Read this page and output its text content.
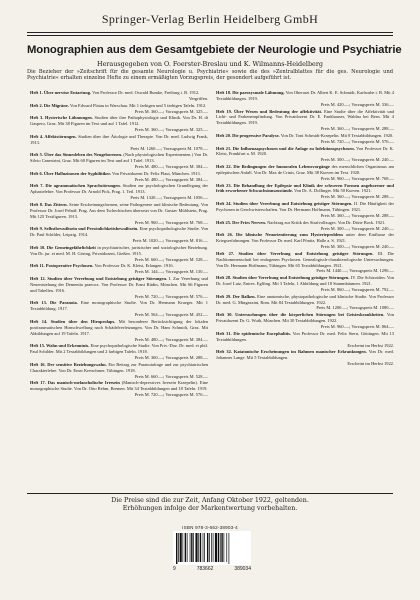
Springer-Verlag Berlin Heidelberg GmbH
Monographien aus dem Gesamtgebiete der Neurologie und Psychiatrie
Herausgegeben von O. Foerster-Breslau und K. Wilmanns-Heidelberg
Die Bezieher der »Zeitschrift für die gesamte Neurologie u. Psychiatrie« sowie die des »Zentralblattes für die ges. Neurologie und Psychiatrie« erhalten einzelne Hefte zu einem ermäßigten Vorzugspreis, der gesondert aufgeführt ist.
Heft 1. Über nervöse Entartung. Von Professor Dr. med. Oswald Bumke, Freiburg i. B. 1912.
Vergriffen.
Heft 2. Die Migräne. Von Edward Flatau in Warschau. Mit 1 farbigen und 5 farbigen Tafeln. 1912.
Preis M. 360.—; Vorzugspreis M. 325.—
Heft 3. Hysterische Lähmungen. Studien über ihre Pathophysiologie und Klinik. Von Dr. H. di Gaspero, Graz. Mit 38 Figuren im Text und auf 1 Tafel. 1912.
Preis M. 360.—; Vorzugspreis M. 325.—
Heft 4. Affektstörungen. Studien über ihre Ätiologie und Therapie. Von Dr. med. Ludwig Frank, 1913.
Preis M. 1260.—; Vorzugspreis M. 1078.—
Heft 5. Über das Sinnesleben des Neugeborenen. (Nach physiologischen Experimenten.) Von Dr. Silvio Canestrini, Graz. Mit 60 Figuren im Text und auf 1 Tafel. 1913.
Preis M. 480.—; Vorzugspreis M. 384.—
Heft 6. Über Halluzinosen der Syphilitiker. Von Privatdozent Dr. Felix Plaut, München. 1913.
Preis M. 480.—; Vorzugspreis M. 384.—
Heft 7. Die agrammatischen Sprachstörungen. Studien zur psychologischen Grundlegung der Aphasielehre. Von Professor Dr. Arnold Pick, Prag. 1. Teil. 1913.
Preis M. 1320.—; Vorzugspreis M. 1056.—
Heft 8. Das Zittern. Seine Erscheinungsformen, seine Pathogenese und klinische Bedeutung. Von Professor Dr. Josef Pelnář, Prag. Aus dem Tschechischen übersetzt von Dr. Gustav Mühlstein, Prag. Mit 125 Textfiguren. 1913.
Preis M. 960.—; Vorzugspreis M. 768.—
Heft 9. Selbstbewußtsein und Persönlichkeitsbewußtsein. Eine psychopathologische Studie. Von Dr. Paul Schilder, Leipzig. 1914.
Preis M. 1020.—; Vorzugspreis M. 816.—
Heft 10. Die Gemeingefährlichkeit in psychiatrischer, juristischer und soziologischer Beziehung. Von Dr. jur. et med. M. H. Göring, Privatdozent, Gießen. 1915.
Preis M. 660.—; Vorzugspreis M. 528.—
Heft 11. Postoperative Psychosen. Von Professor Dr. K. Kleist, Erlangen. 1916.
Preis M. 144.—; Vorzugspreis M. 130.—
Heft 12. Studien über Vererbung und Entstehung geistiger Störungen. I. Zur Vererbung und Neuentstehung der Dementia praecox. Von Professor Dr. Ernst Rüdin, München. Mit 66 Figuren und Tabellen. 1916.
Preis M. 720.—; Vorzugspreis M. 576.—
Heft 13. Die Paranoia. Eine monographische Studie. Von Dr. Hermann Krueger. Mit 1 Textabbildung. 1917.
Preis M. 564.—; Vorzugspreis M. 452.—
Heft 14. Studien über den Hirnprolaps. Mit besonderer Berücksichtigung der lokalen posttraumatischen Hirnschwellung nach Schädelverletzungen. Von Dr. Hans Schmidt, Graz. Mit Abbildungen auf 19 Tafeln. 1917.
Preis M. 480.—; Vorzugspreis M. 384.—
Heft 15. Wahn und Erkenntnis. Eine psychopathologische Studie. Von Priv.-Doz. Dr. med. et phil. Paul Schilder. Mit 2 Textabbildungen und 2 farbigen Tafeln. 1918.
Preis M. 360.—; Vorzugspreis M. 288.—
Heft 16. Der sensitive Beziehungswahn. Ein Beitrag zur Paranoiafrage und zur psychiatrischen Charakterlehre. Von Dr. Ernst Kretschmer, Tübingen. 1918.
Preis M. 660.—; Vorzugspreis M. 528.—
Heft 17. Das manisch-melancholische Irresein (Manisch-depressives Irresein Kraepelin). Eine monographische Studie. Von Dr. Otto Rehm, Bremen. Mit 34 Textabbildungen und 18 Tafeln. 1919.
Preis M. 720.—; Vorzugspreis M. 576.—
Heft 18. Die paroxysmale Lähmung. Von Oberarzt Dr. Albert K. E. Schmidt, Karlsruhe i. B. Mit 4 Textabbildungen. 1919.
Preis M. 420.—; Vorzugspreis M. 336.—
Heft 19. Über Wesen und Bedeutung der affektivität. Eine Studie über die Affektivität und Licht- und Farbenempfindung. Von Privatdozent Dr. E. Fankhauser, Waldau bei Bern. Mit 4 Textabbildungen. 1919.
Preis M. 360.—; Vorzugspreis M. 288.—
Heft 20. Die progressive Paralyse. Von Dr. Toni Schmidt-Kraepelin. Mit 8 Textabbildungen. 1920.
Preis M. 720.—; Vorzugspreis M. 576.—
Heft 21. Die Influenzapsychosen und die Anlage zu Infektionspsychosen. Von Professor Dr. K. Kleist, Frankfurt a. M. 1920.
Preis M. 300.—; Vorzugspreis M. 240.—
Heft 22. Die Bedingungen der humoralen Lebensvorgänge des menschlichen Organismus am epileptischen Anfall. Von Dr. Max de Crinis, Graz. Mit 38 Kurven im Text. 1920.
Preis M. 960.—; Vorzugspreis M. 768.—
Heft 23. Die Behandlung der Epilepsie und Klinik der schweren Formen angeborener und früh erworbener Schwachsinnszustände. Von Dr. A. Dollinger. Mit 50 Kurven. 1921.
Preis M. 360.—; Vorzugspreis M. 288.—
Heft 24. Studien über Vererbung und Entstehung geistiger Störungen. II. Die Häufigkeit der Psychosen in Geschwisterschaften. Von Dr. Hermann Hoffmann, Tübingen. 1921.
Preis M. 360.—; Vorzugspreis M. 288.—
Heft 25. Der Fries Nerven. Nachtrag zur Kritik des Strafvollzuges. Von Dr. Dörte Bock. 1921.
Preis M. 300.—; Vorzugspreis M. 240.—
Heft 26. Die klinische Neuorientierung zum Hysterieproblem unter dem Einflusse der Kriegserfahrungen. Von Professor Dr. med. Karl Pönitz, Halle a. S. 1921.
Preis M. 300.—; Vorzugspreis M. 240.—
Heft 27. Studien über Vererbung und Entstehung geistiger Störungen. III. Die Nachkommenschaft bei endogenen Psychosen. Genealogisch-charakterologische Untersuchungen. Von Dr. Hermann Hoffmann, Tübingen. Mit 65 Textabbildungen. 1921.
Preis M. 1440.—; Vorzugspreis M. 1296.—
Heft 28. Studien über Vererbung und Entstehung geistiger Störungen. IV. Die Schizoiden. Von Dr. Josef Lutz, Entres. Eglfing. Mit 3 Tafeln, 1 Abbildung und 18 Stammbäumen. 1921.
Preis M. 860.—; Vorzugspreis M. 792.—
Heft 29. Der Balken. Eine anatomische, physiopathologische und klinische Studie. Von Professor Dr. med. G. Mingazzini, Rom. Mit 84 Textabbildungen. 1922.
Preis M. 1200.—; Vorzugspreis M. 1080.—
Heft 30. Untersuchungen über die körperlichen Störungen bei Geisteskrankheiten. Von Privatdozent Dr. G. Wuth, München. Mit 30 Textabbildungen. 1922.
Preis M. 960.—; Vorzugspreis M. 864.—
Heft 31. Die epidemische Encephalitis. Von Professor Dr. med. Felix Stern, Göttingen. Mit 13 Textabbildungen.
Erscheint im Herbst 1922.
Heft 32. Katatonische Erscheinungen im Rahmen manischer Erkrankungen. Von Dr. med. Johannes Lange. Mit 5 Textabbildungen.
Erscheint im Herbst 1922.
Die Preise sind die zur Zeit, Anfang Oktober 1922, geltenden.
Erhöhungen infolge der Markentwertung vorbehalten.
ISBN 978-3-662-38903-4
9	783662	389034
